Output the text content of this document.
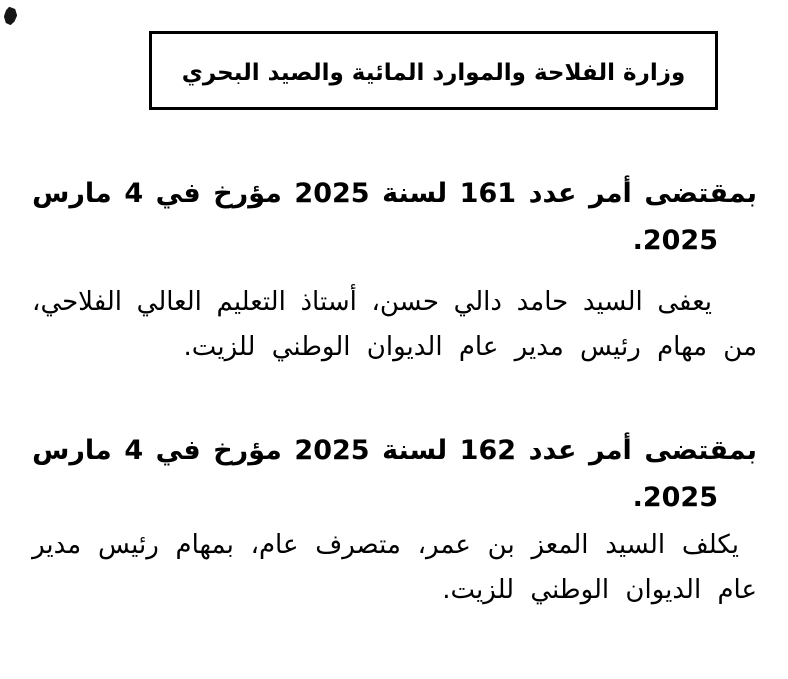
وزارة الفلاحة والموارد المائية والصيد البحري
بمقتضى
أمر
عدد
161
لسنة
2025
مؤرخ
في
4
مارس
2025.
يعفى
السيد
حامد
دالي
حسن،
أستاذ
التعليم
العالي
الفلاحي،
من مهام رئيس مدير عام الديوان الوطني للزيت.
بمقتضى
أمر
عدد
162
لسنة
2025
مؤرخ
في
4
مارس
2025.
يكلف
السيد
المعز
بن
عمر،
متصرف
عام،
بمهام
رئيس
مدير
عام الديوان الوطني للزيت.
